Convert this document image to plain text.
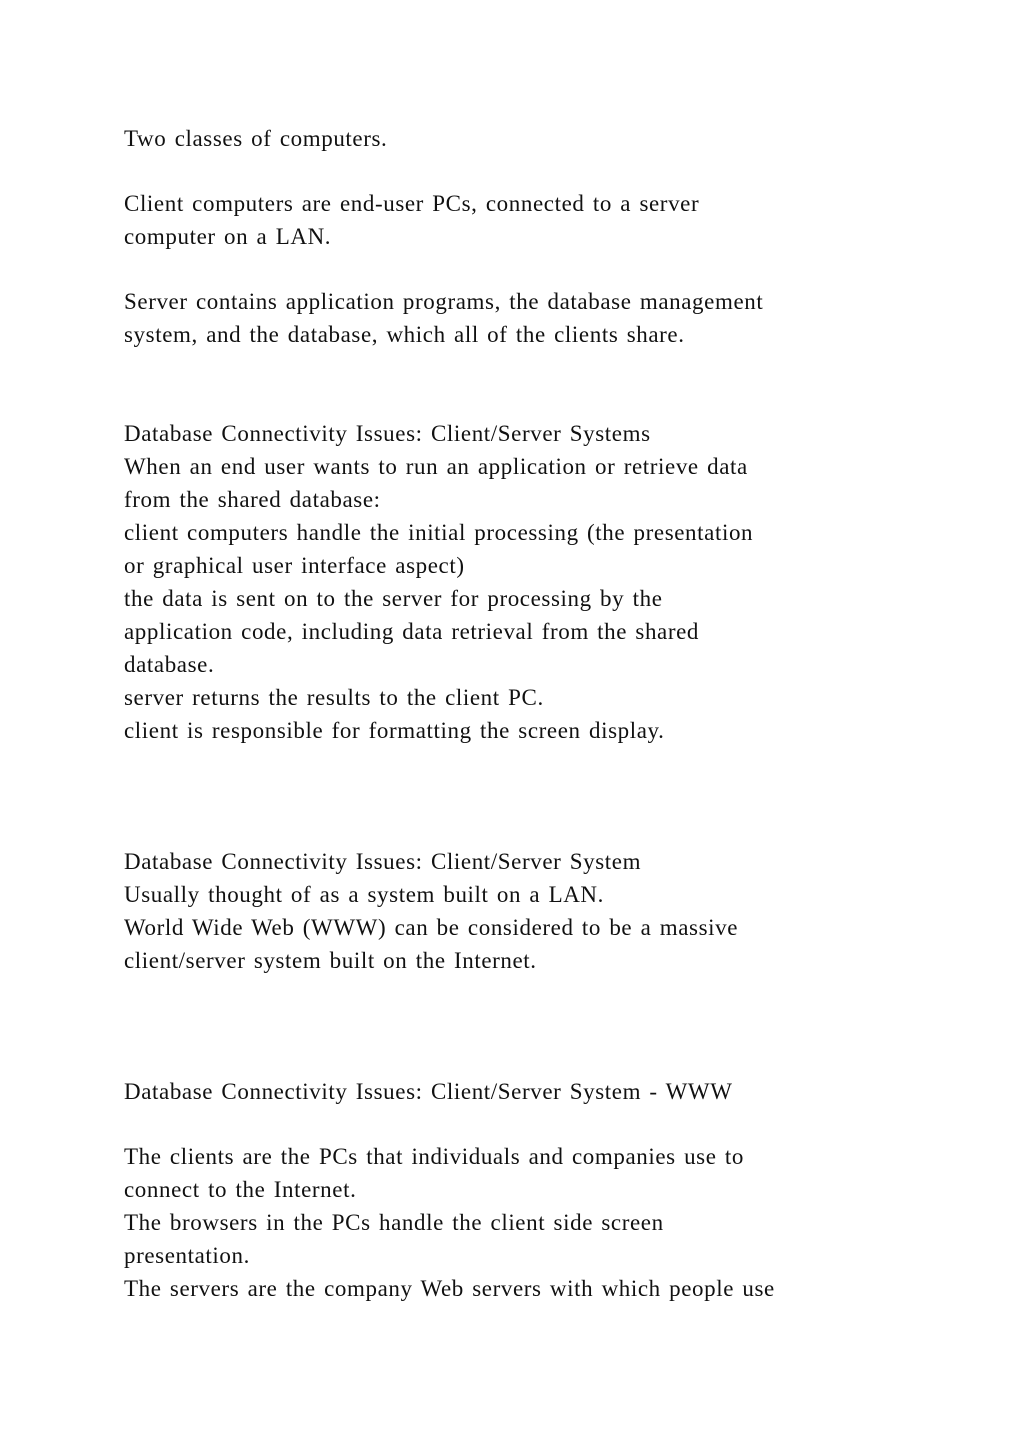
Two classes of computers.
Client computers are end-user PCs, connected to a server
computer on a LAN.
Server contains application programs, the database management
system, and the database, which all of the clients share.
Database Connectivity Issues: Client/Server Systems
When an end user wants to run an application or retrieve data
from the shared database:
client computers handle the initial processing (the presentation
or graphical user interface aspect)
the data is sent on to the server for processing by the
application code, including data retrieval from the shared
database.
server returns the results to the client PC.
client is responsible for formatting the screen display.
Database Connectivity Issues: Client/Server System
Usually thought of as a system built on a LAN.
World Wide Web (WWW) can be considered to be a massive
client/server system built on the Internet.
Database Connectivity Issues: Client/Server System - WWW
The clients are the PCs that individuals and companies use to
connect to the Internet.
The browsers in the PCs handle the client side screen
presentation.
The servers are the company Web servers with which people use
